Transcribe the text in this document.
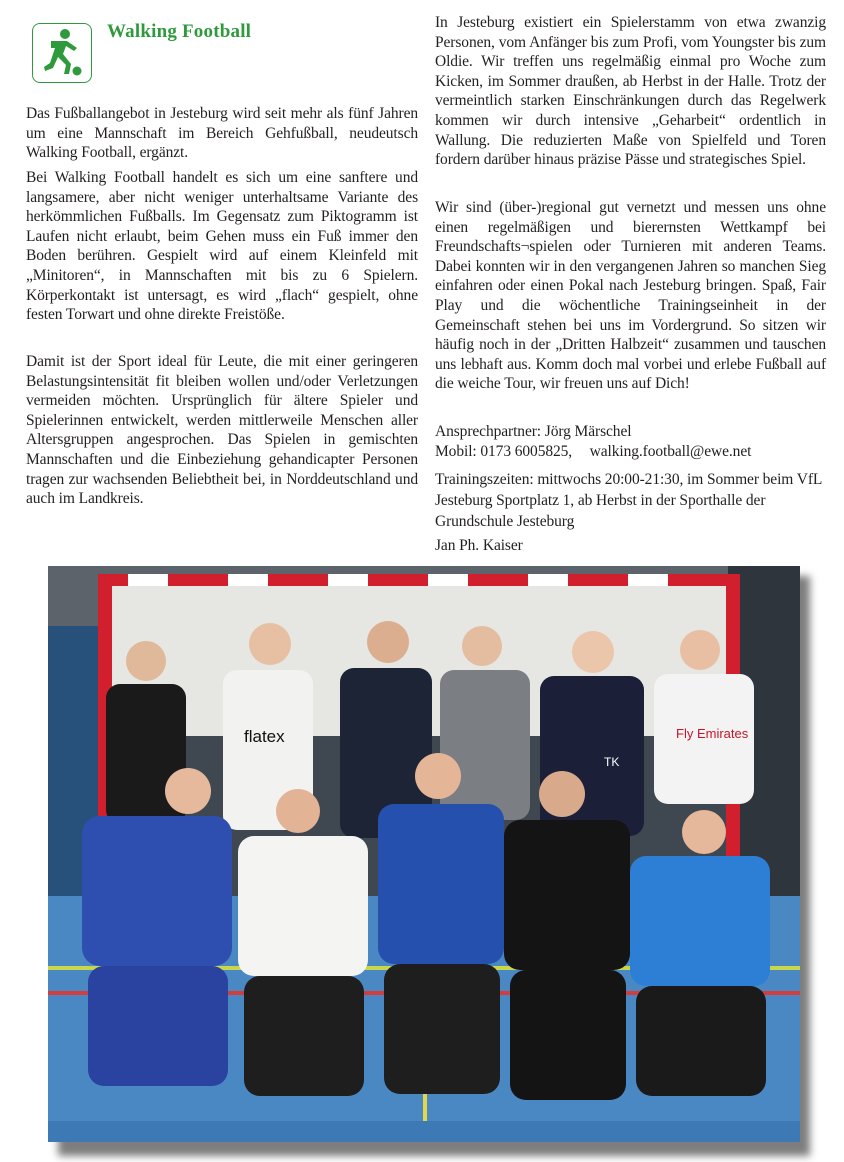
Walking Football

Das Fußballangebot in Jesteburg wird seit mehr als fünf Jahren um eine Mannschaft im Bereich Gehfußball, neudeutsch Walking Football, ergänzt.

Bei Walking Football handelt es sich um eine sanftere und langsamere, aber nicht weniger unterhaltsame Variante des herkömmlichen Fußballs. Im Gegensatz zum Piktogramm ist Laufen nicht erlaubt, beim Gehen muss ein Fuß immer den Boden berühren. Gespielt wird auf einem Kleinfeld mit „Minitoren“, in Mannschaften mit bis zu 6 Spielern. Körperkontakt ist untersagt, es wird „flach“ gespielt, ohne festen Torwart und ohne direkte Freistöße.

Damit ist der Sport ideal für Leute, die mit einer geringeren Belastungsintensität fit bleiben wollen und/oder Verletzungen vermeiden möchten. Ursprünglich für ältere Spieler und Spielerinnen entwickelt, werden mittlerweile Menschen aller Altersgruppen angesprochen. Das Spielen in gemischten Mannschaften und die Einbeziehung gehandicapter Personen tragen zur wachsenden Beliebtheit bei, in Norddeutschland und auch im Landkreis.

In Jesteburg existiert ein Spielerstamm von etwa zwanzig Personen, vom Anfänger bis zum Profi, vom Youngster bis zum Oldie. Wir treffen uns regelmäßig einmal pro Woche zum Kicken, im Sommer draußen, ab Herbst in der Halle. Trotz der vermeintlich starken Einschränkungen durch das Regelwerk kommen wir durch intensive „Geharbeit“ ordentlich in Wallung. Die reduzierten Maße von Spielfeld und Toren fordern darüber hinaus präzise Pässe und strategisches Spiel.

Wir sind (über-)regional gut vernetzt und messen uns ohne einen regelmäßigen und bierernsten Wettkampf bei Freundschafts¬spielen oder Turnieren mit anderen Teams. Dabei konnten wir in den vergangenen Jahren so manchen Sieg einfahren oder einen Pokal nach Jesteburg bringen. Spaß, Fair Play und die wöchentliche Trainingseinheit in der Gemeinschaft stehen bei uns im Vordergrund. So sitzen wir häufig noch in der „Dritten Halbzeit“ zusammen und tauschen uns lebhaft aus. Komm doch mal vorbei und erlebe Fußball auf die weiche Tour, wir freuen uns auf Dich!

Ansprechpartner: Jörg Märschel

Mobil: 0173 6005825, walking.football@ewe.net

Trainingszeiten: mittwochs 20:00-21:30, im Sommer beim VfL Jesteburg Sportplatz 1, ab Herbst in der Sporthalle der Grundschule Jesteburg

Jan Ph. Kaiser

flatex
TK
Fly Emirates
